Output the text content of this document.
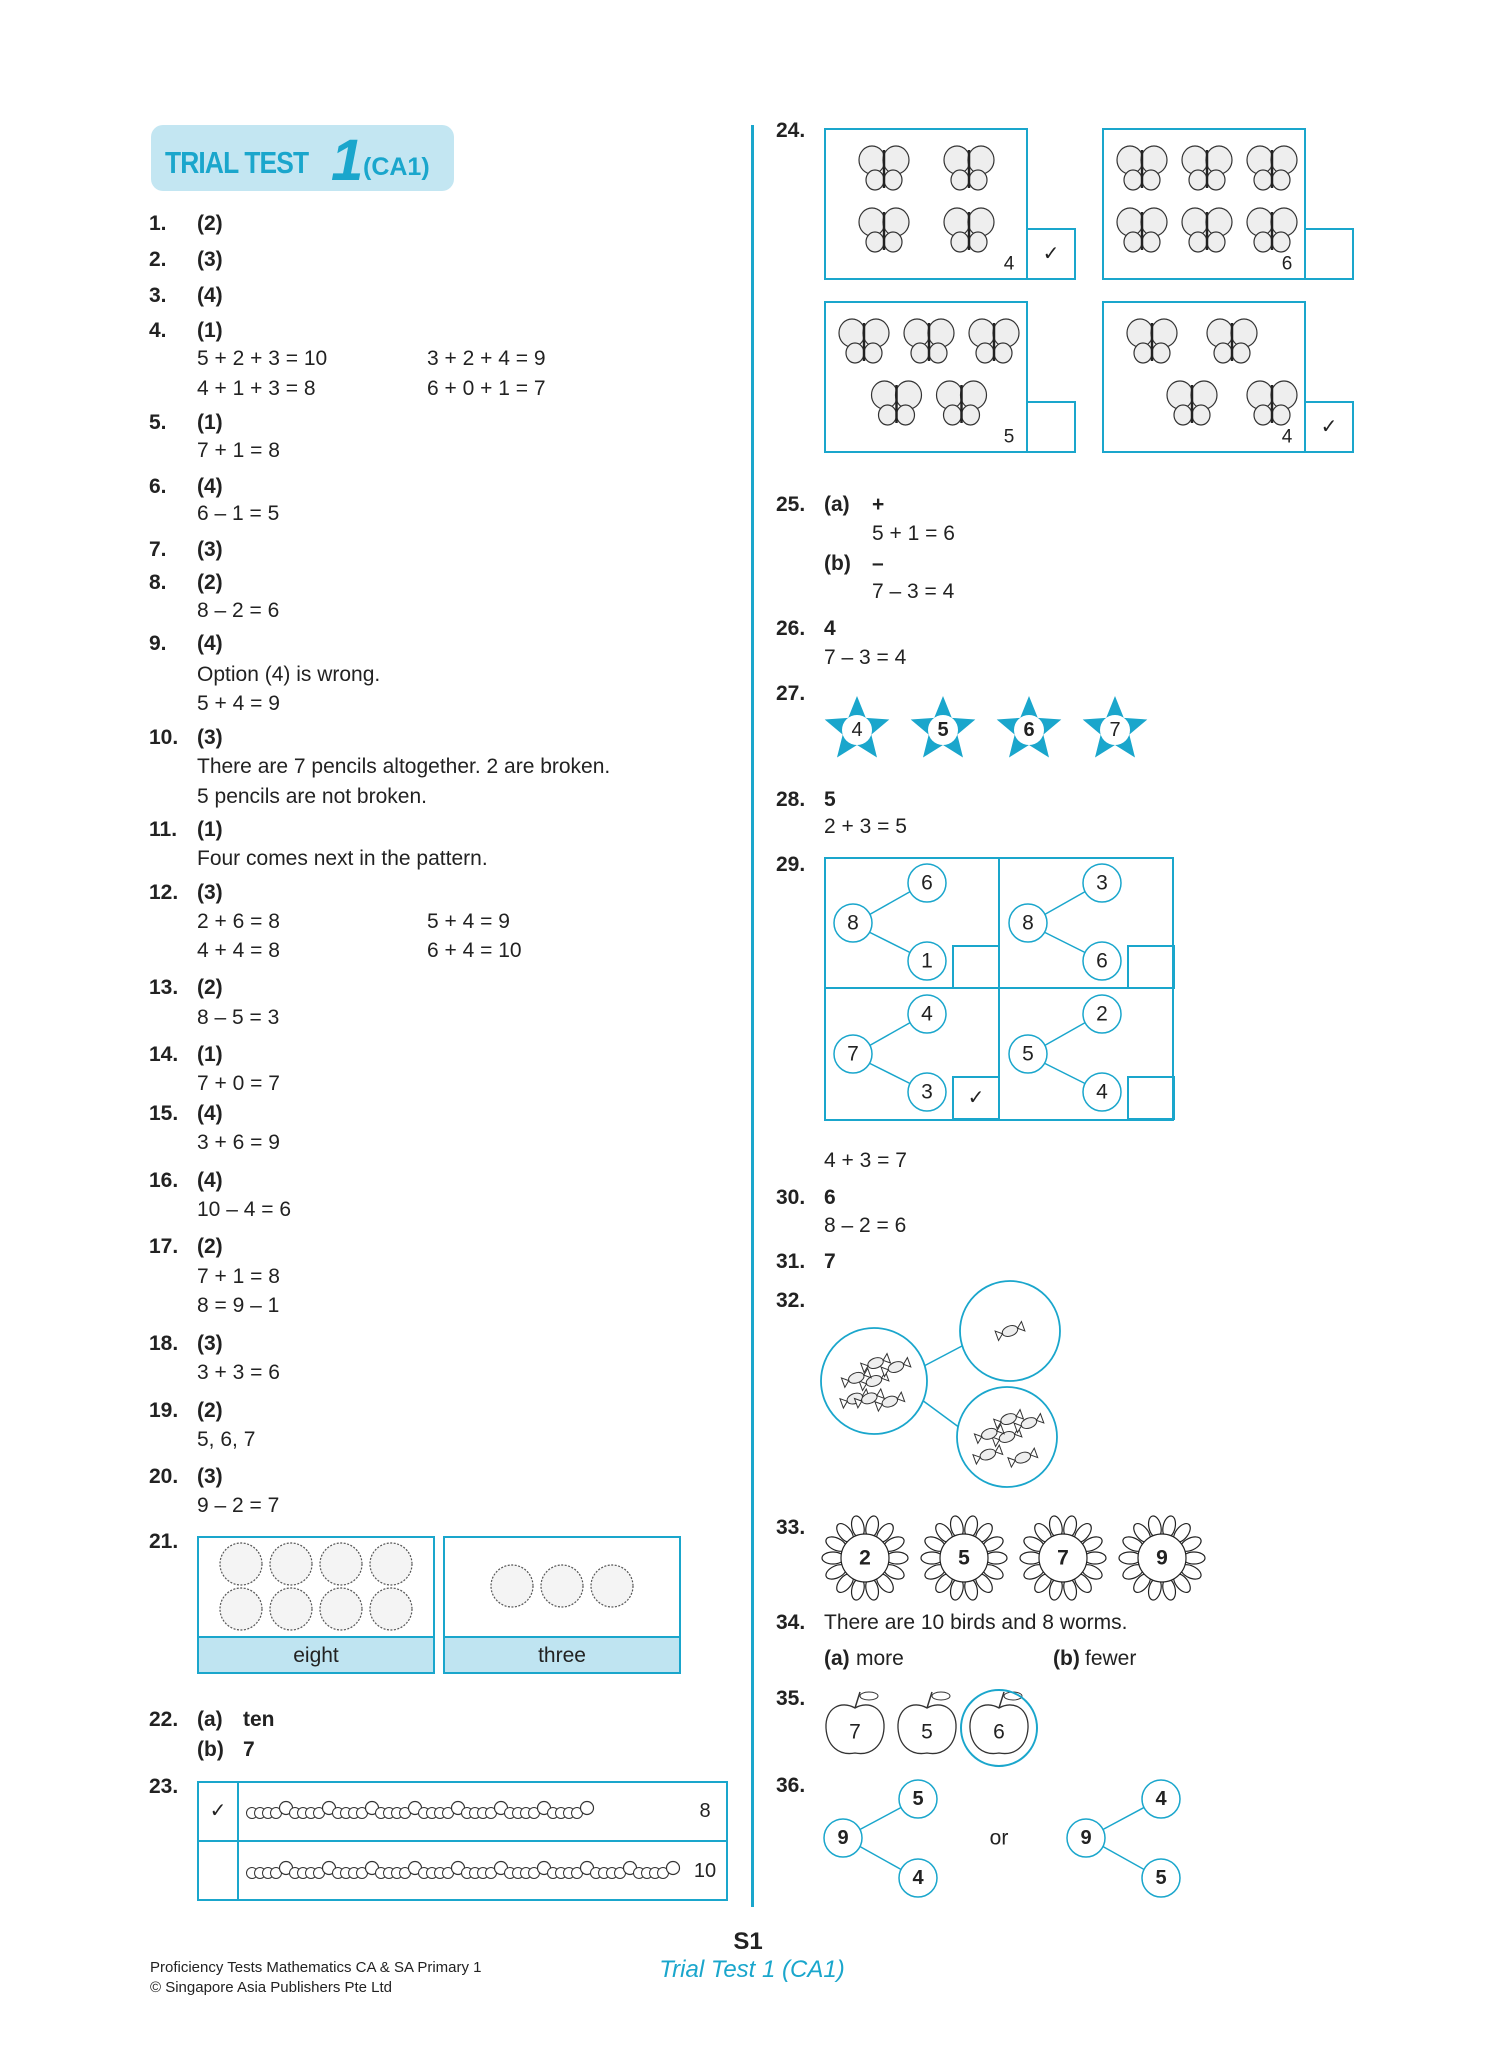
TRIAL TEST 1 (CA1)
1. (2)
2. (3)
3. (4)
4. (1)
5 + 2 + 3 = 10	3 + 2 + 4 = 9
4 + 1 + 3 = 8	6 + 0 + 1 = 7
5. (1)
7 + 1 = 8
6. (4)
6 – 1 = 5
7. (3)
8. (2)
8 – 2 = 6
9. (4)
Option (4) is wrong.
5 + 4 = 9
10. (3)
There are 7 pencils altogether. 2 are broken.
5 pencils are not broken.
11. (1)
Four comes next in the pattern.
12. (3)
2 + 6 = 8	5 + 4 = 9
4 + 4 = 8	6 + 4 = 10
13. (2)
8 – 5 = 3
14. (1)
7 + 0 = 7
15. (4)
3 + 6 = 9
16. (4)
10 – 4 = 6
17. (2)
7 + 1 = 8
8 = 9 – 1
18. (3)
3 + 3 = 6
19. (2)
5, 6, 7
20. (3)
9 – 2 = 7
21.
22. (a) ten
(b) 7
23.
24.
25. (a) +
5 + 1 = 6
(b) –
7 – 3 = 4
26. 4
7 – 3 = 4
27.
28. 5
2 + 3 = 5
29.
4 + 3 = 7
30. 6
8 – 2 = 6
31. 7
32.
33.
34. There are 10 birds and 8 worms.
(a) more	(b) fewer
35.
36.
S1
Trial Test 1 (CA1)
Proficiency Tests Mathematics CA & SA Primary 1
© Singapore Asia Publishers Pte Ltd
eight	three
✓	8
10
4 ✓	6
5	4 ✓
4	5	6	7
8
6
1
8
3
6
7
4
3 ✓
5
2
4
2	5	7	9
7	5	6
9
5
4
9
4
5
or
